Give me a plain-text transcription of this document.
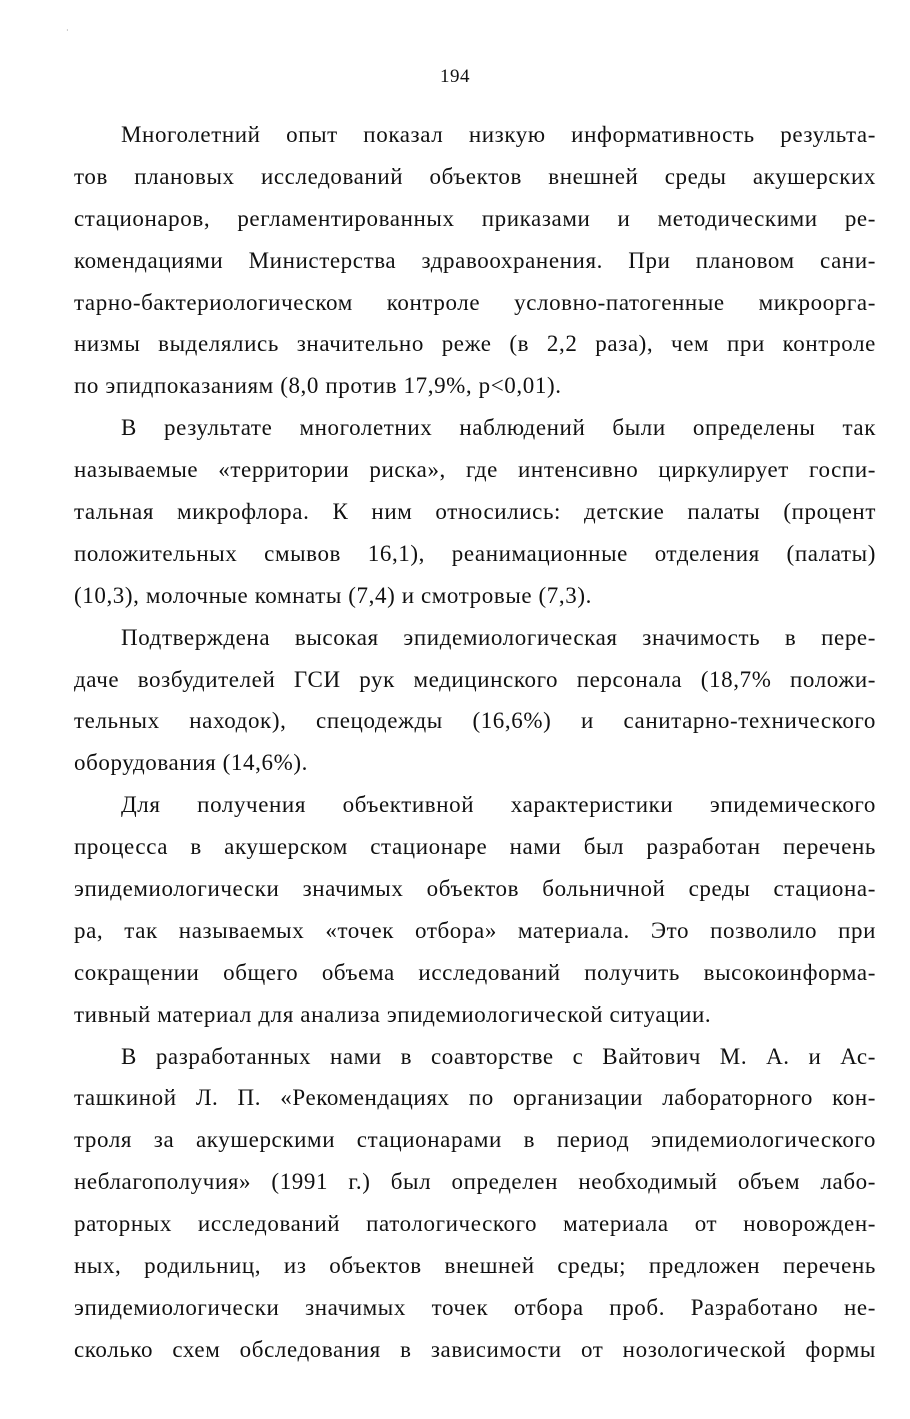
·
194

Многолетний опыт показал низкую информативность результа-
тов плановых исследований объектов внешней среды акушерских
стационаров, регламентированных приказами и методическими ре-
комендациями Министерства здравоохранения. При плановом сани-
тарно-бактериологическом контроле условно-патогенные микроорга-
низмы выделялись значительно реже (в 2,2 раза), чем при контроле
по эпидпоказаниям (8,0 против 17,9%, p<0,01).

В результате многолетних наблюдений были определены так
называемые «территории риска», где интенсивно циркулирует госпи-
тальная микрофлора. К ним относились: детские палаты (процент
положительных смывов 16,1), реанимационные отделения (палаты)
(10,3), молочные комнаты (7,4) и смотровые (7,3).

Подтверждена высокая эпидемиологическая значимость в пере-
даче возбудителей ГСИ рук медицинского персонала (18,7% положи-
тельных находок), спецодежды (16,6%) и санитарно-технического
оборудования (14,6%).

Для получения объективной характеристики эпидемического
процесса в акушерском стационаре нами был разработан перечень
эпидемиологически значимых объектов больничной среды стациона-
ра, так называемых «точек отбора» материала. Это позволило при
сокращении общего объема исследований получить высокоинформа-
тивный материал для анализа эпидемиологической ситуации.

В разработанных нами в соавторстве с Вайтович М. А. и Ас-
ташкиной Л. П. «Рекомендациях по организации лабораторного кон-
троля за акушерскими стационарами в период эпидемиологического
неблагополучия» (1991 г.) был определен необходимый объем лабо-
раторных исследований патологического материала от новорожден-
ных, родильниц, из объектов внешней среды; предложен перечень
эпидемиологически значимых точек отбора проб. Разработано не-
сколько схем обследования в зависимости от нозологической формы
